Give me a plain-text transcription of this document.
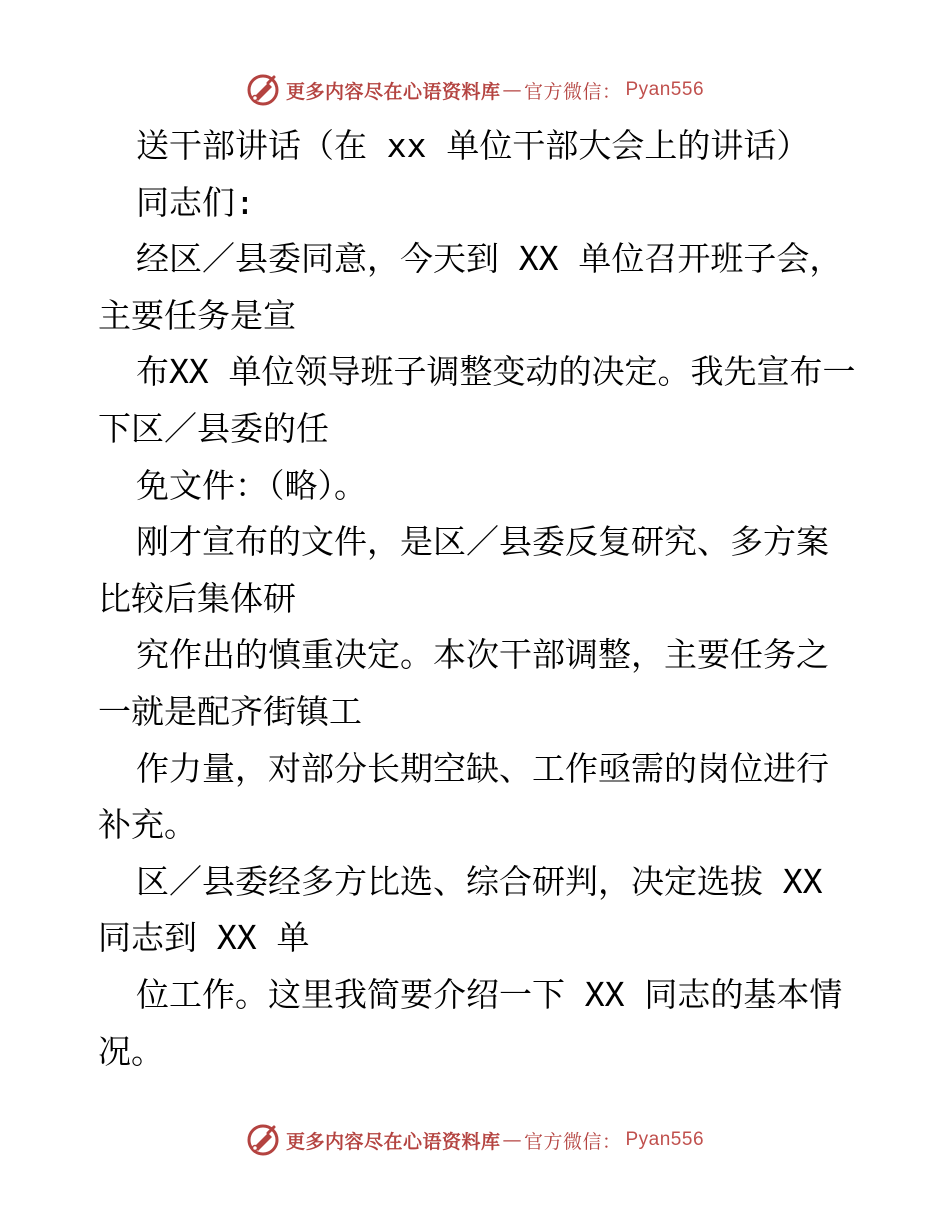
更多内容尽在心语资料库 — 官方微信： Pyan556

送干部讲话（在 xx 单位干部大会上的讲话）

同志们:

经区／县委同意，今天到 XX 单位召开班子会，主要任务是宣

布XX 单位领导班子调整变动的决定。我先宣布一下区／县委的任

免文件：（略）。

刚才宣布的文件，是区／县委反复研究、多方案比较后集体研

究作出的慎重决定。本次干部调整，主要任务之一就是配齐街镇工

作力量，对部分长期空缺、工作亟需的岗位进行补充。

区／县委经多方比选、综合研判，决定选拔 XX 同志到 XX 单

位工作。这里我简要介绍一下 XX 同志的基本情况。

更多内容尽在心语资料库 — 官方微信： Pyan556
